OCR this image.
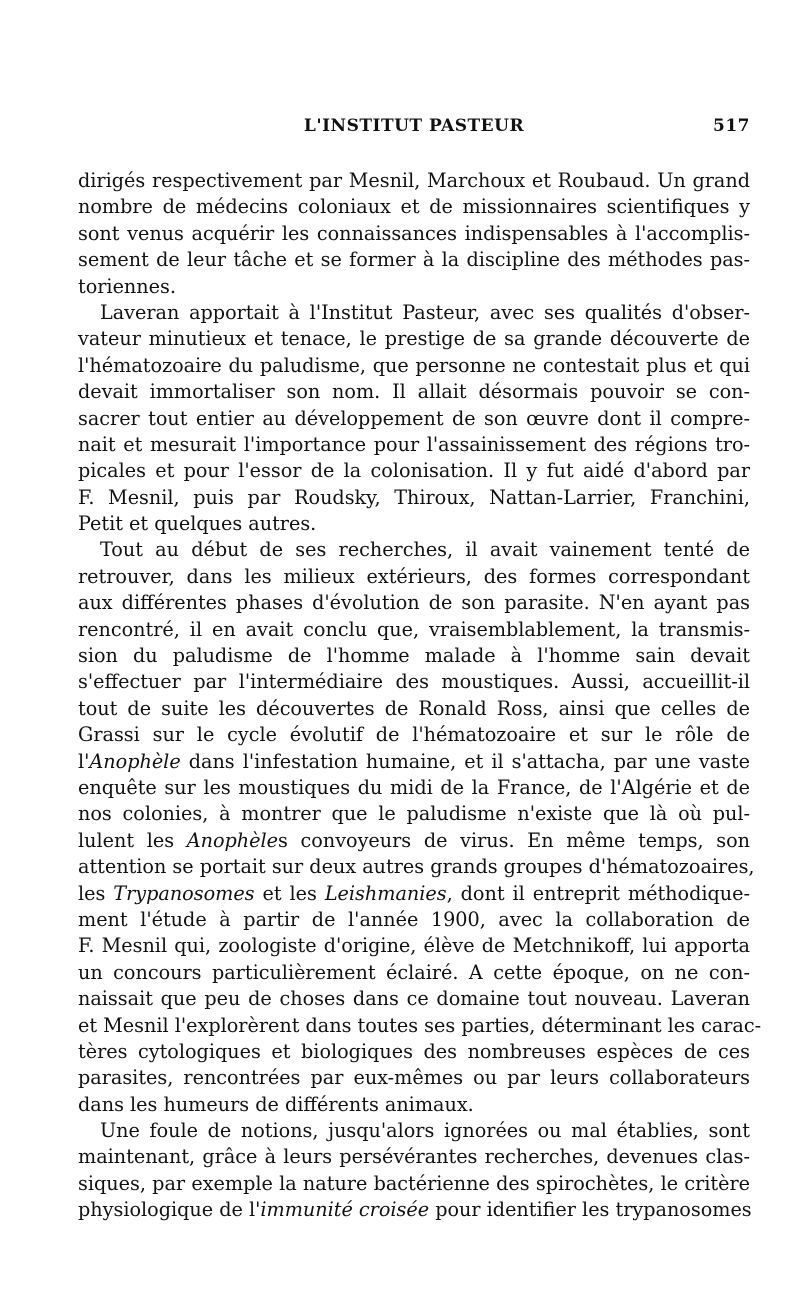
L'INSTITUT PASTEUR	517
dirigés respectivement par Mesnil, Marchoux et Roubaud. Un grand
nombre de médecins coloniaux et de missionnaires scientifiques y
sont venus acquérir les connaissances indispensables à l'accomplis-
sement de leur tâche et se former à la discipline des méthodes pas-
toriennes.
Laveran apportait à l'Institut Pasteur, avec ses qualités d'obser-
vateur minutieux et tenace, le prestige de sa grande découverte de
l'hématozoaire du paludisme, que personne ne contestait plus et qui
devait immortaliser son nom. Il allait désormais pouvoir se con-
sacrer tout entier au développement de son œuvre dont il compre-
nait et mesurait l'importance pour l'assainissement des régions tro-
picales et pour l'essor de la colonisation. Il y fut aidé d'abord par
F. Mesnil, puis par Roudsky, Thiroux, Nattan-Larrier, Franchini,
Petit et quelques autres.
Tout au début de ses recherches, il avait vainement tenté de
retrouver, dans les milieux extérieurs, des formes correspondant
aux différentes phases d'évolution de son parasite. N'en ayant pas
rencontré, il en avait conclu que, vraisemblablement, la transmis-
sion du paludisme de l'homme malade à l'homme sain devait
s'effectuer par l'intermédiaire des moustiques. Aussi, accueillit-il
tout de suite les découvertes de Ronald Ross, ainsi que celles de
Grassi sur le cycle évolutif de l'hématozoaire et sur le rôle de
l'Anophèle dans l'infestation humaine, et il s'attacha, par une vaste
enquête sur les moustiques du midi de la France, de l'Algérie et de
nos colonies, à montrer que le paludisme n'existe que là où pul-
lulent les Anophèles convoyeurs de virus. En même temps, son
attention se portait sur deux autres grands groupes d'hématozoaires,
les Trypanosomes et les Leishmanies, dont il entreprit méthodique-
ment l'étude à partir de l'année 1900, avec la collaboration de
F. Mesnil qui, zoologiste d'origine, élève de Metchnikoff, lui apporta
un concours particulièrement éclairé. A cette époque, on ne con-
naissait que peu de choses dans ce domaine tout nouveau. Laveran
et Mesnil l'explorèrent dans toutes ses parties, déterminant les carac-
tères cytologiques et biologiques des nombreuses espèces de ces
parasites, rencontrées par eux-mêmes ou par leurs collaborateurs
dans les humeurs de différents animaux.
Une foule de notions, jusqu'alors ignorées ou mal établies, sont
maintenant, grâce à leurs persévérantes recherches, devenues clas-
siques, par exemple la nature bactérienne des spirochètes, le critère
physiologique de l'immunité croisée pour identifier les trypanosomes
